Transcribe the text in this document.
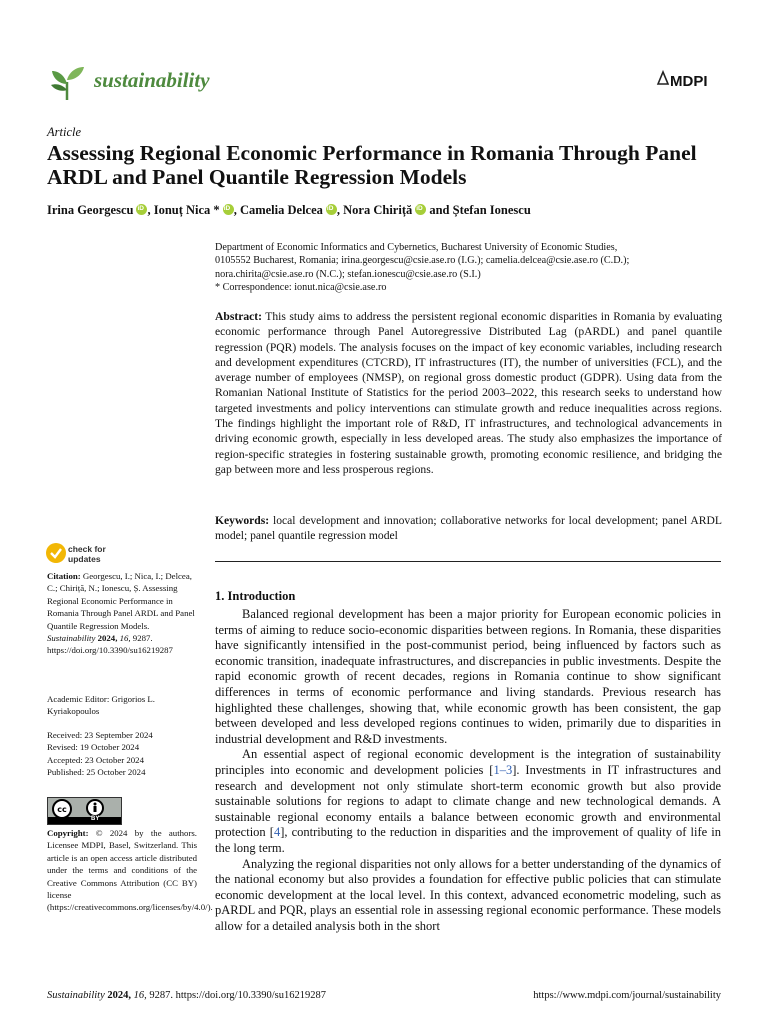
sustainability	MDPI
Article
Assessing Regional Economic Performance in Romania Through Panel ARDL and Panel Quantile Regression Models
Irina Georgescu iD , Ionuț Nica * iD , Camelia Delcea iD , Nora ChirițăiD and Ștefan Ionescu
Department of Economic Informatics and Cybernetics, Bucharest University of Economic Studies,
0105552 Bucharest, Romania; irina.georgescu@csie.ase.ro (I.G.); camelia.delcea@csie.ase.ro (C.D.);
nora.chirita@csie.ase.ro (N.C.); stefan.ionescu@csie.ase.ro (S.I.)
* Correspondence: ionut.nica@csie.ase.ro

Abstract: This study aims to address the persistent regional economic disparities in Romania by evaluating economic performance through Panel Autoregressive Distributed Lag (pARDL) and panel quantile regression (PQR) models. The analysis focuses on the impact of key economic variables, including research and development expenditures (CTCRD), IT infrastructures (IT), the number of universities (FCL), and the average number of employees (NMSP), on regional gross domestic product (GDPR). Using data from the Romanian National Institute of Statistics for the period 2003–2022, this research seeks to understand how targeted investments and policy interventions can stimulate growth and reduce inequalities across regions. The findings highlight the important role of R&D, IT infrastructures, and technological advancements in driving economic growth, especially in less developed areas. The study also emphasizes the importance of region-specific strategies in fostering sustainable growth, promoting economic resilience, and bridging the gap between more and less prosperous regions.

Keywords: local development and innovation; collaborative networks for local development; panel ARDL model; panel quantile regression model

check for
updates
Citation: Georgescu, I.; Nica, I.; Delcea, C.; Chiriță, N.; Ionescu, Ș. Assessing Regional Economic Performance in Romania Through Panel ARDL and Panel Quantile Regression Models. Sustainability 2024, 16, 9287. https://doi.org/10.3390/su16219287
Academic Editor: Grigorios L. Kyriakopoulos
Received: 23 September 2024
Revised: 19 October 2024
Accepted: 23 October 2024
Published: 25 October 2024
cc
BY
Copyright: © 2024 by the authors. Licensee MDPI, Basel, Switzerland. This article is an open access article distributed under the terms and conditions of the Creative Commons Attribution (CC BY) license (https://creativecommons.org/licenses/by/4.0/).
1. Introduction

Balanced regional development has been a major priority for European economic policies in terms of aiming to reduce socio-economic disparities between regions. In Romania, these disparities have significantly intensified in the post-communist period, being influenced by factors such as economic transition, inadequate infrastructures, and discrepancies in public investments. Despite the rapid economic growth of recent decades, regions in Romania continue to show significant differences in terms of economic performance and living standards. Previous research has highlighted these challenges, showing that, while economic growth has been consistent, the gap between developed and less developed regions continues to widen, primarily due to disparities in industrial development and R&D investments.

An essential aspect of regional economic development is the integration of sustainability principles into economic and development policies [1–3]. Investments in IT infrastructures and research and development not only stimulate short-term economic growth but also provide sustainable solutions for regions to adapt to climate change and new technological demands. A sustainable regional economy entails a balance between economic growth and environmental protection [4], contributing to the reduction in disparities and the improvement of quality of life in the long term.

Analyzing the regional disparities not only allows for a better understanding of the dynamics of the national economy but also provides a foundation for effective public policies that can stimulate economic development at the local level. In this context, advanced econometric modeling, such as pARDL and PQR, plays an essential role in assessing regional economic performance. These models allow for a detailed analysis both in the short

Sustainability 2024, 16, 9287. https://doi.org/10.3390/su16219287	https://www.mdpi.com/journal/sustainability
